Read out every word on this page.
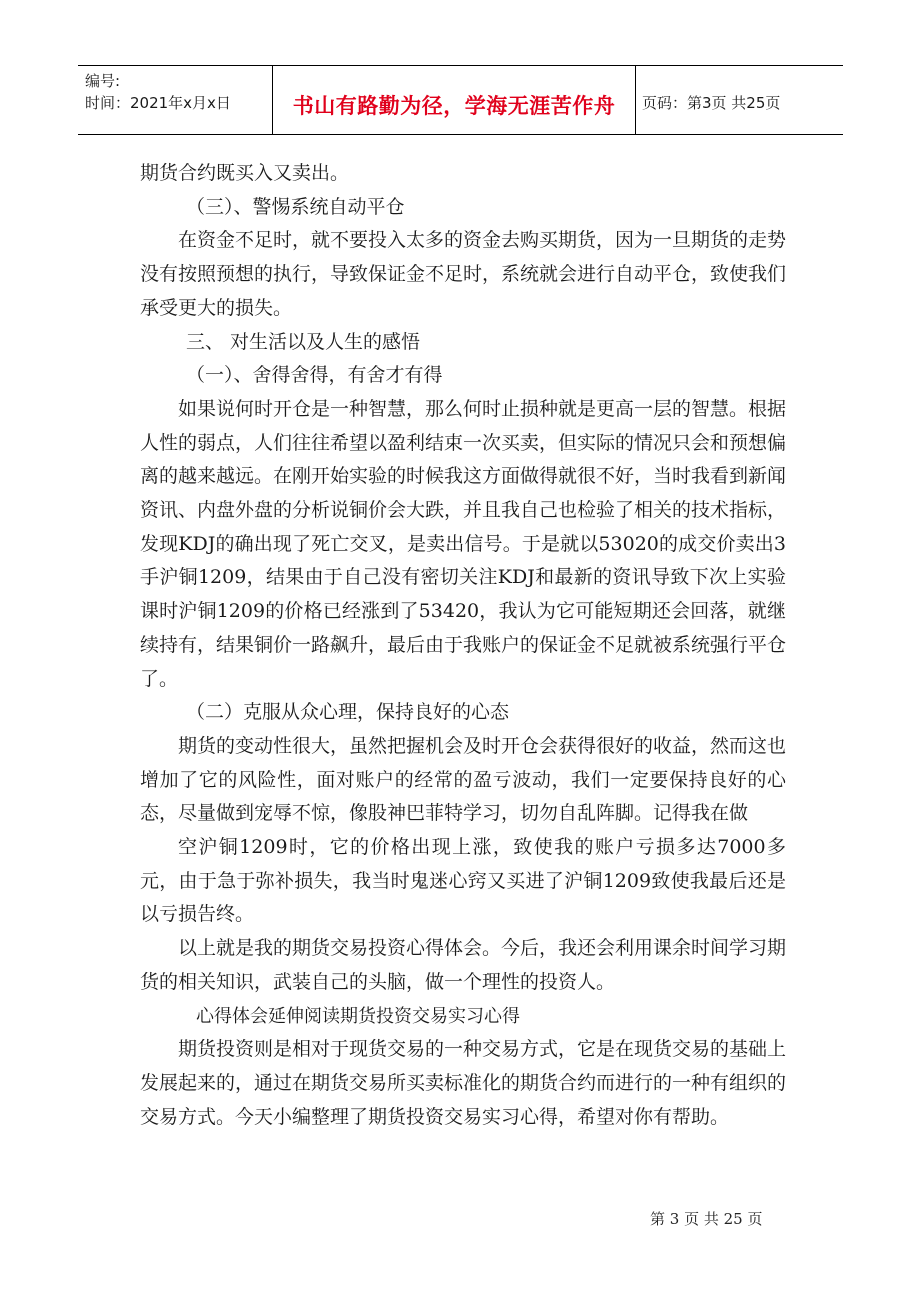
编号:
时间：2021年x月x日	书山有路勤为径，学海无涯苦作舟	页码：第3页 共25页

期货合约既买入又卖出。

（三）、警惕系统自动平仓

在资金不足时，就不要投入太多的资金去购买期货，因为一旦期货的走势没有按照预想的执行，导致保证金不足时，系统就会进行自动平仓，致使我们承受更大的损失。

三、 对生活以及人生的感悟

（一）、舍得舍得，有舍才有得

如果说何时开仓是一种智慧，那么何时止损种就是更高一层的智慧。根据人性的弱点，人们往往希望以盈利结束一次买卖，但实际的情况只会和预想偏离的越来越远。在刚开始实验的时候我这方面做得就很不好，当时我看到新闻资讯、内盘外盘的分析说铜价会大跌，并且我自己也检验了相关的技术指标，发现KDJ的确出现了死亡交叉，是卖出信号。于是就以53020的成交价卖出3手沪铜1209，结果由于自己没有密切关注KDJ和最新的资讯导致下次上实验课时沪铜1209的价格已经涨到了53420，我认为它可能短期还会回落，就继续持有，结果铜价一路飙升，最后由于我账户的保证金不足就被系统强行平仓了。

（二）克服从众心理，保持良好的心态

期货的变动性很大，虽然把握机会及时开仓会获得很好的收益，然而这也增加了它的风险性，面对账户的经常的盈亏波动，我们一定要保持良好的心态，尽量做到宠辱不惊，像股神巴菲特学习，切勿自乱阵脚。记得我在做

空沪铜1209时，它的价格出现上涨，致使我的账户亏损多达7000多元，由于急于弥补损失，我当时鬼迷心窍又买进了沪铜1209致使我最后还是以亏损告终。

以上就是我的期货交易投资心得体会。今后，我还会利用课余时间学习期货的相关知识，武装自己的头脑，做一个理性的投资人。

心得体会延伸阅读期货投资交易实习心得

期货投资则是相对于现货交易的一种交易方式，它是在现货交易的基础上发展起来的，通过在期货交易所买卖标准化的期货合约而进行的一种有组织的交易方式。今天小编整理了期货投资交易实习心得，希望对你有帮助。

第 3 页 共 25 页
